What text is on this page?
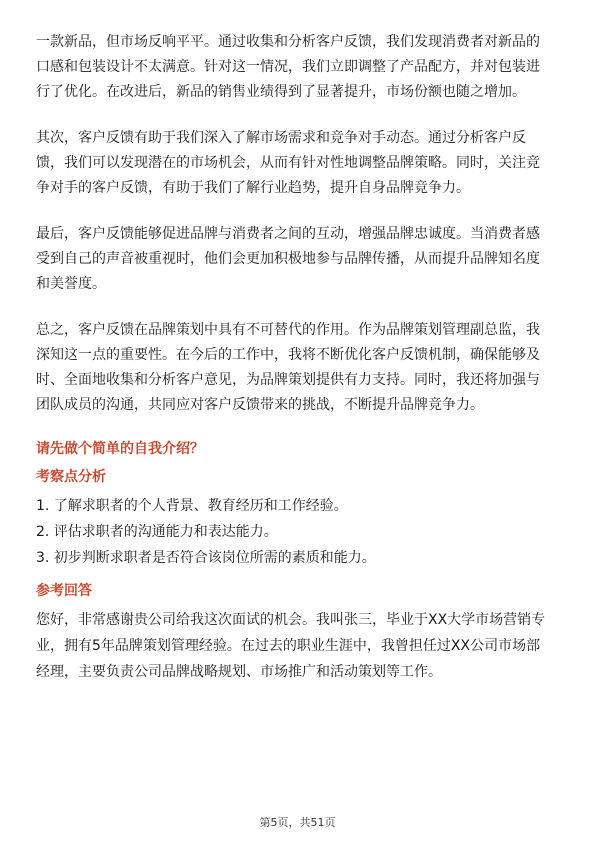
一款新品，但市场反响平平。通过收集和分析客户反馈，我们发现消费者对新品的
口感和包装设计不太满意。针对这一情况，我们立即调整了产品配方，并对包装进
行了优化。在改进后，新品的销售业绩得到了显著提升，市场份额也随之增加。
其次，客户反馈有助于我们深入了解市场需求和竞争对手动态。通过分析客户反
馈，我们可以发现潜在的市场机会，从而有针对性地调整品牌策略。同时，关注竞
争对手的客户反馈，有助于我们了解行业趋势，提升自身品牌竞争力。
最后，客户反馈能够促进品牌与消费者之间的互动，增强品牌忠诚度。当消费者感
受到自己的声音被重视时，他们会更加积极地参与品牌传播，从而提升品牌知名度
和美誉度。
总之，客户反馈在品牌策划中具有不可替代的作用。作为品牌策划管理副总监，我
深知这一点的重要性。在今后的工作中，我将不断优化客户反馈机制，确保能够及
时、全面地收集和分析客户意见，为品牌策划提供有力支持。同时，我还将加强与
团队成员的沟通，共同应对客户反馈带来的挑战，不断提升品牌竞争力。
请先做个简单的自我介绍？
考察点分析
1. 了解求职者的个人背景、教育经历和工作经验。
2. 评估求职者的沟通能力和表达能力。
3. 初步判断求职者是否符合该岗位所需的素质和能力。
参考回答
您好，非常感谢贵公司给我这次面试的机会。我叫张三，毕业于XX大学市场营销专
业，拥有5年品牌策划管理经验。在过去的职业生涯中，我曾担任过XX公司市场部
经理，主要负责公司品牌战略规划、市场推广和活动策划等工作。
第5页，共51页
